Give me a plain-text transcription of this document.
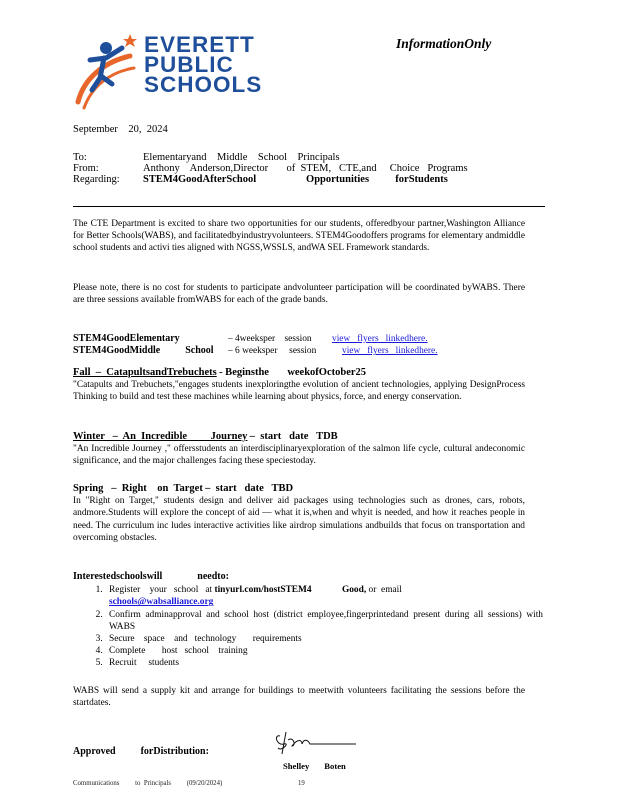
EVERETT
PUBLIC
SCHOOLS
InformationOnly
September    20,  2024
To:	Elementaryand    Middle    School    Principals
From:	Anthony    Anderson,Director       of  STEM,   CTE,and     Choice   Programs
Regarding:	STEM4GoodAfterSchool                   Opportunities          forStudents
The CTE Department is excited to share two opportunities for our students, offeredbyour partner,Washington Alliance for Better Schools(WABS), and facilitatedbyindustryvolunteers. STEM4Goodoffers programs for elementary andmiddle school students and activi ties aligned with NGSS,WSSLS, andWA SEL Framework standards.
Please note, there is no cost for students to participate andvolunteer participation will be coordinated byWABS. There are three sessions available fromWABS for each of the grade bands.
STEM4GoodElementary	– 4weeksper    session	view   flyers   linkedhere.
STEM4GoodMiddle          School	– 6 weeksper     session	view   flyers   linkedhere.
Fall  –  CatapultsandTrebuchets - Beginsthe       weekofOctober25
"Catapults and Trebuchets,"engages students inexploringthe evolution of ancient technologies, applying DesignProcess Thinking to build and test these machines while learning about physics, force, and energy conservation.
Winter   –  An  Incredible         Journey –  start   date   TDB
"An Incredible Journey ," offersstudents an interdisciplinaryexploration of the salmon life cycle, cultural andeconomic significance, and the major challenges facing these speciestoday.
Spring   –  Right    on  Target –  start   date   TBD
In "Right on Target," students design and deliver aid packages using technologies such as drones, cars, robots, andmore.Students will explore the concept of aid — what it is,when and whyit is needed, and how it reaches people in need. The curriculum inc ludes interactive activities like airdrop simulations andbuilds that focus on transportation and overcoming obstacles.
Interestedschoolswill              needto:
1. Register    your   school   at tinyurl.com/hostSTEM4	Good, or  email
schools@wabsalliance.org
2. Confirm adminapproval and school host (district employee,fingerprintedand present during all sessions) with WABS
3. Secure    space    and   technology       requirements
4. Complete       host   school    training
5. Recruit     students
WABS will send a supply kit and arrange for buildings to meetwith volunteers facilitating the sessions before the startdates.
Approved          forDistribution:
Shelley       Boten
Communications to  Principals (09/20/2024)	19
